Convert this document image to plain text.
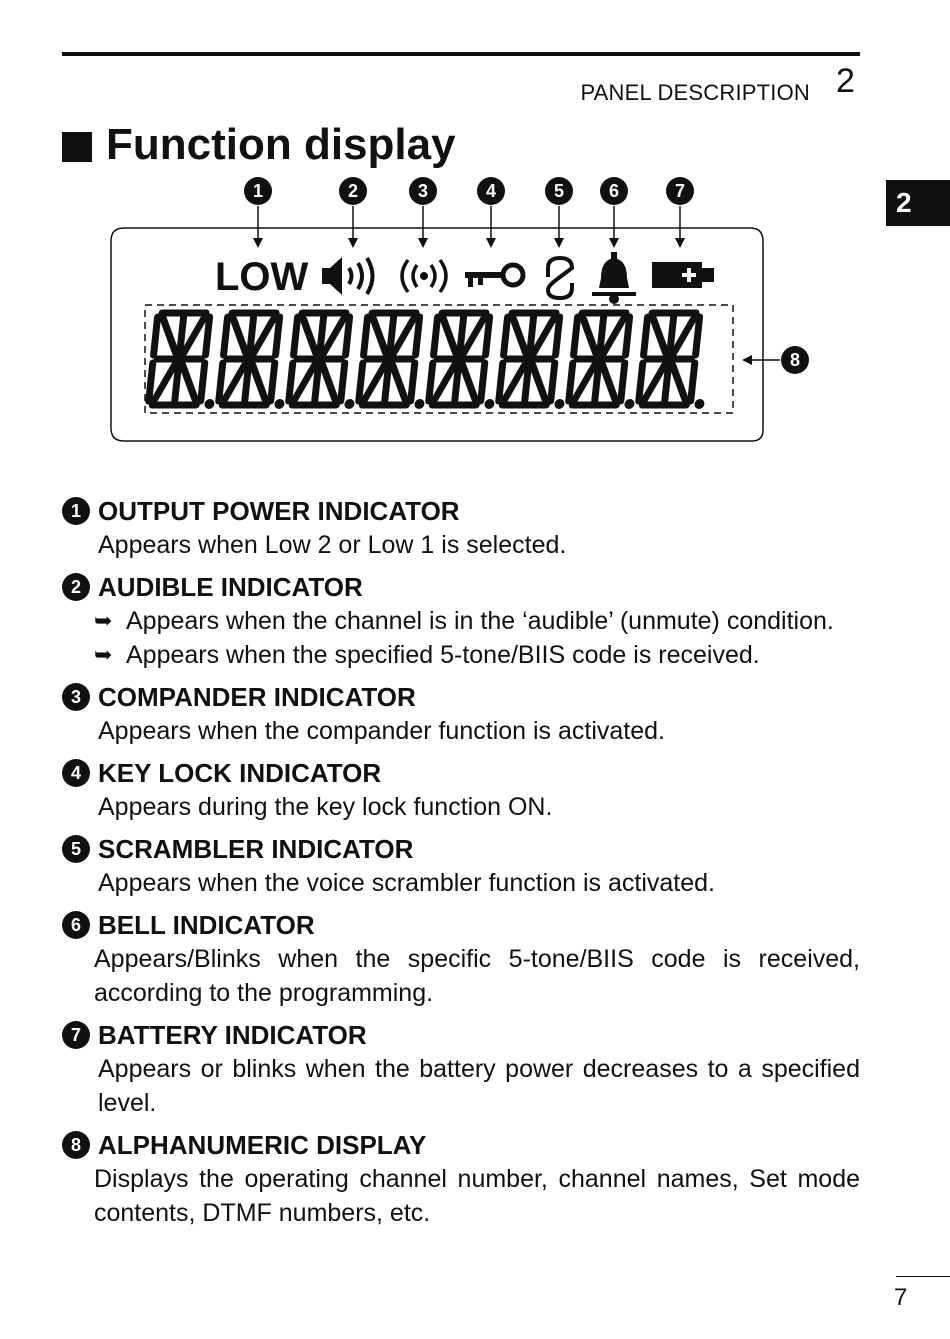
PANEL DESCRIPTION 2
2
Function display
1	2	3	4	5 6	7
8
LOW
1 OUTPUT POWER INDICATOR
Appears when Low 2 or Low 1 is selected.
2 AUDIBLE INDICATOR
➥ Appears when the channel is in the ‘audible’ (unmute) condition.
➥ Appears when the specified 5-tone/BIIS code is received.
3 COMPANDER INDICATOR
Appears when the compander function is activated.
4 KEY LOCK INDICATOR
Appears during the key lock function ON.
5 SCRAMBLER INDICATOR
Appears when the voice scrambler function is activated.
6 BELL INDICATOR
Appears/Blinks when the specific 5-tone/BIIS code is received, according to the programming.
7 BATTERY INDICATOR
Appears or blinks when the battery power decreases to a specified level.
8 ALPHANUMERIC DISPLAY
Displays the operating channel number, channel names, Set mode contents, DTMF numbers, etc.
7
